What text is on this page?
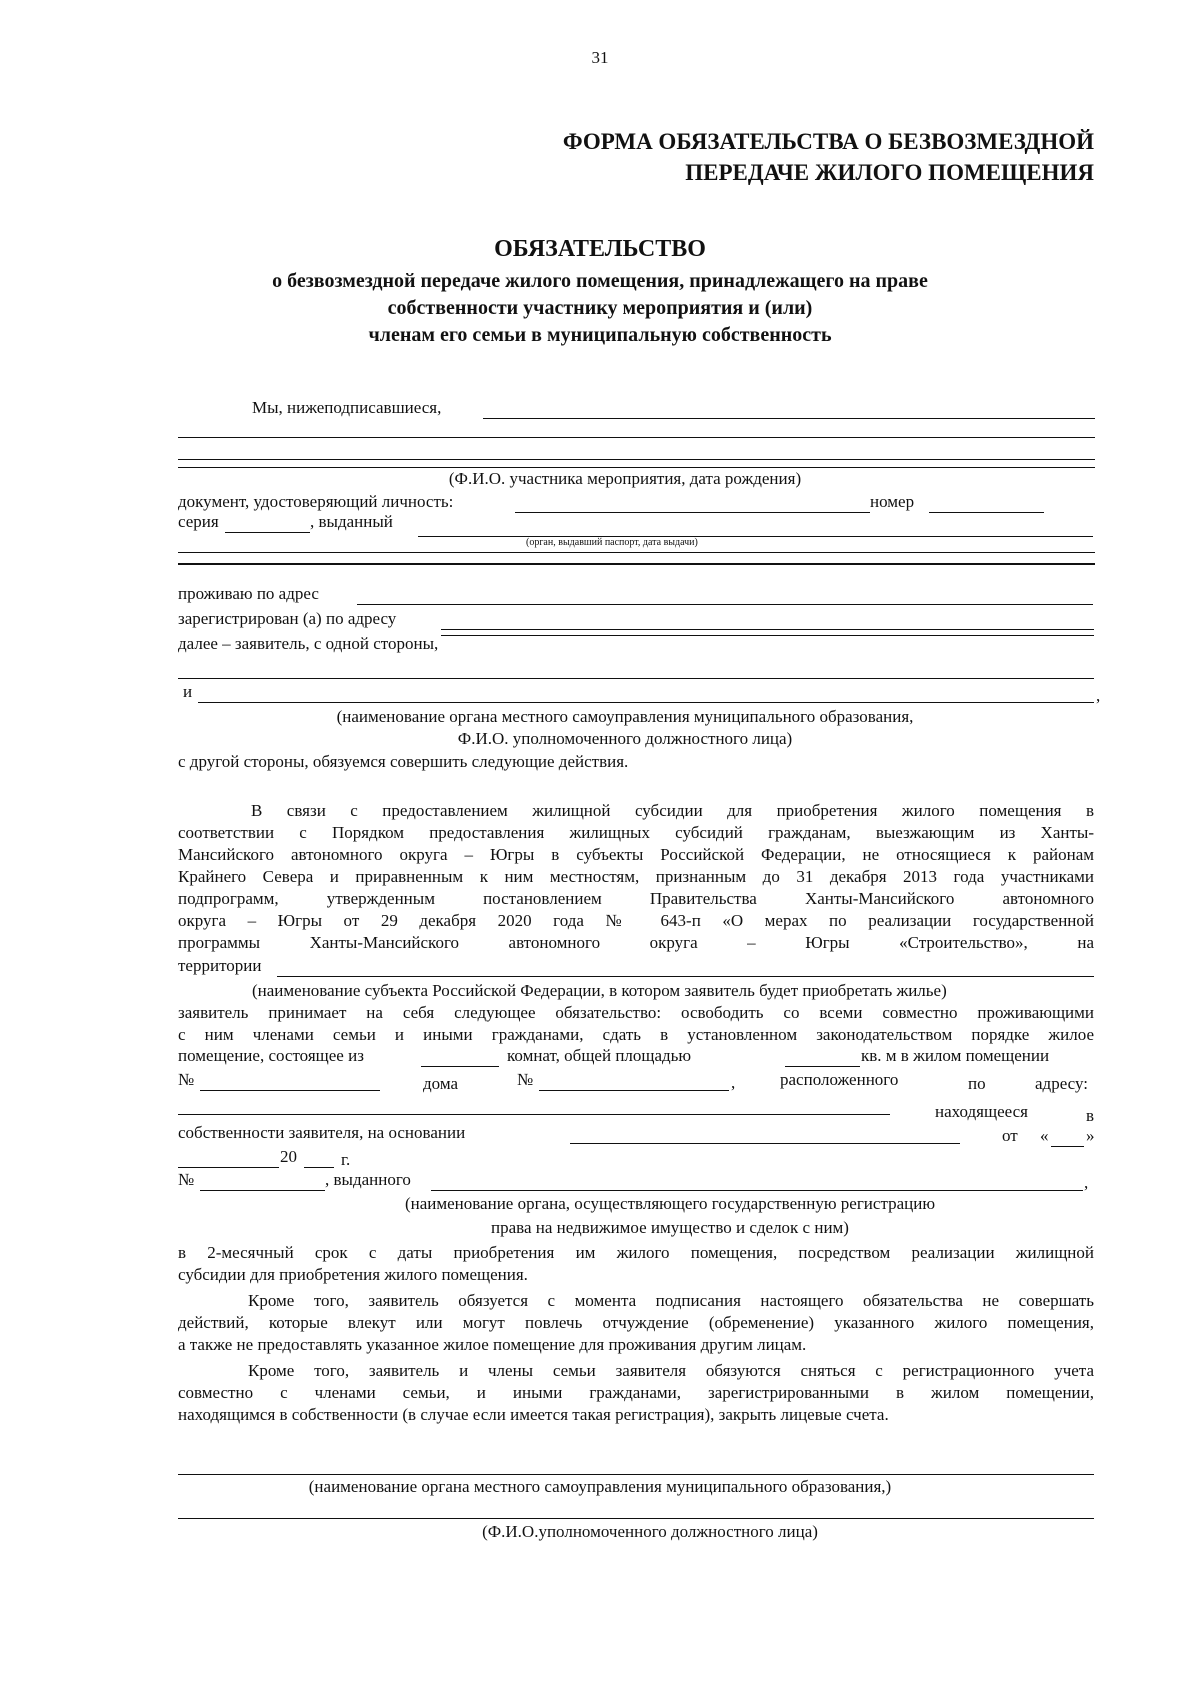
31
ФОРМА ОБЯЗАТЕЛЬСТВА О БЕЗВОЗМЕЗДНОЙ
ПЕРЕДАЧЕ ЖИЛОГО ПОМЕЩЕНИЯ
ОБЯЗАТЕЛЬСТВО
о безвозмездной передаче жилого помещения, принадлежащего на праве
собственности участнику мероприятия и (или)
членам его семьи в муниципальную собственность
Мы, нижеподписавшиеся,
(Ф.И.О. участника мероприятия, дата рождения)
документ, удостоверяющий личность:	номер
серия	, выданный
(орган, выдавший паспорт, дата выдачи)
проживаю по адрес
зарегистрирован (а) по адресу
далее – заявитель, с одной стороны,
и	,
(наименование органа местного самоуправления муниципального образования,
Ф.И.О. уполномоченного должностного лица)
с другой стороны, обязуемся совершить следующие действия.
В связи с предоставлением жилищной субсидии для приобретения жилого помещения в
соответствии с Порядком предоставления жилищных субсидий гражданам, выезжающим из Ханты-
Мансийского автономного округа – Югры в субъекты Российской Федерации, не относящиеся к районам
Крайнего Севера и приравненным к ним местностям, признанным до 31 декабря 2013 года участниками
подпрограмм, утвержденным постановлением Правительства Ханты-Мансийского автономного
округа – Югры от 29 декабря 2020 года № 643-п «О мерах по реализации государственной
программы Ханты-Мансийского автономного округа – Югры «Строительство», на
территории
(наименование субъекта Российской Федерации, в котором заявитель будет приобретать жилье)
заявитель принимает на себя следующее обязательство: освободить со всеми совместно проживающими
с ним членами семьи и иными гражданами, сдать в установленном законодательством порядке жилое
помещение, состоящее из	комнат, общей площадью	кв. м в жилом помещении
№	дома	№	,	расположенного	по	адресу:
находящееся	в
собственности заявителя, на основании	от « »
20	г.
№	, выданного	,
(наименование органа, осуществляющего государственную регистрацию
права на недвижимое имущество и сделок с ним)
в 2-месячный срок с даты приобретения им жилого помещения, посредством реализации жилищной
субсидии для приобретения жилого помещения.
Кроме того, заявитель обязуется с момента подписания настоящего обязательства не совершать
действий, которые влекут или могут повлечь отчуждение (обременение) указанного жилого помещения,
а также не предоставлять указанное жилое помещение для проживания другим лицам.
Кроме того, заявитель и члены семьи заявителя обязуются сняться с регистрационного учета
совместно с членами семьи, и иными гражданами, зарегистрированными в жилом помещении,
находящимся в собственности (в случае если имеется такая регистрация), закрыть лицевые счета.
(наименование органа местного самоуправления муниципального образования,)
(Ф.И.О.уполномоченного должностного лица)
